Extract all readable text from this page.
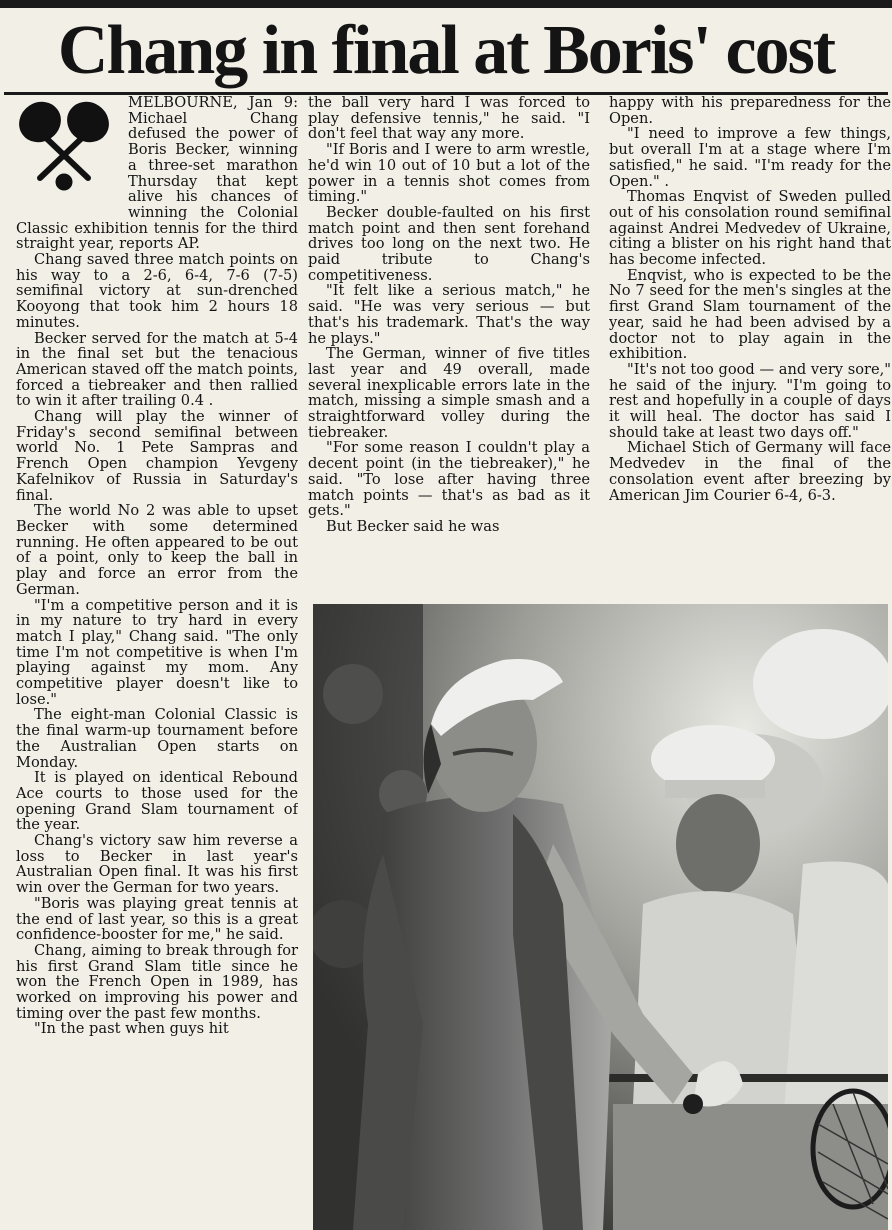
Chang in final at Boris' cost

MELBOURNE, Jan 9: Michael Chang defused the power of Boris Becker, winning a three-set marathon Thursday that kept alive his chances of winning the Colonial Classic exhibition tennis for the third straight year, reports AP.

Chang saved three match points on his way to a 2-6, 6-4, 7-6 (7-5) semifinal victory at sun-drenched Kooyong that took him 2 hours 18 minutes.

Becker served for the match at 5-4 in the final set but the tenacious American staved off the match points, forced a tiebreaker and then rallied to win it after trailing 0.4 .

Chang will play the winner of Friday's second semifinal between world No. 1 Pete Sampras and French Open champion Yevgeny Kafelnikov of Russia in Saturday's final.

The world No 2 was able to upset Becker with some determined running. He often appeared to be out of a point, only to keep the ball in play and force an error from the German.

"I'm a competitive person and it is in my nature to try hard in every match I play," Chang said. "The only time I'm not competitive is when I'm playing against my mom. Any competitive player doesn't like to lose."

The eight-man Colonial Classic is the final warm-up tournament before the Australian Open starts on Monday.

It is played on identical Rebound Ace courts to those used for the opening Grand Slam tournament of the year.

Chang's victory saw him reverse a loss to Becker in last year's Australian Open final. It was his first win over the German for two years.

"Boris was playing great tennis at the end of last year, so this is a great confidence-booster for me," he said.

Chang, aiming to break through for his first Grand Slam title since he won the French Open in 1989, has worked on improving his power and timing over the past few months.

"In the past when guys hit

the ball very hard I was forced to play defensive tennis," he said. "I don't feel that way any more.

"If Boris and I were to arm wrestle, he'd win 10 out of 10 but a lot of the power in a tennis shot comes from timing."

Becker double-faulted on his first match point and then sent forehand drives too long on the next two. He paid tribute to Chang's competitiveness.

"It felt like a serious match," he said. "He was very serious — but that's his trademark. That's the way he plays."

The German, winner of five titles last year and 49 overall, made several inexplicable errors late in the match, missing a simple smash and a straightforward volley during the tiebreaker.

"For some reason I couldn't play a decent point (in the tiebreaker)," he said. "To lose after having three match points — that's as bad as it gets."

But Becker said he was

happy with his preparedness for the Open.

"I need to improve a few things, but overall I'm at a stage where I'm satisfied," he said. "I'm ready for the Open." .

Thomas Enqvist of Sweden pulled out of his consolation round semifinal against Andrei Medvedev of Ukraine, citing a blister on his right hand that has become infected.

Enqvist, who is expected to be the No 7 seed for the men's singles at the first Grand Slam tournament of the year, said he had been advised by a doctor not to play again in the exhibition.

"It's not too good — and very sore," he said of the injury. "I'm going to rest and hopefully in a couple of days it will heal. The doctor has said I should take at least two days off."

Michael Stich of Germany will face Medvedev in the final of the consolation event after breezing by American Jim Courier 6-4, 6-3.
